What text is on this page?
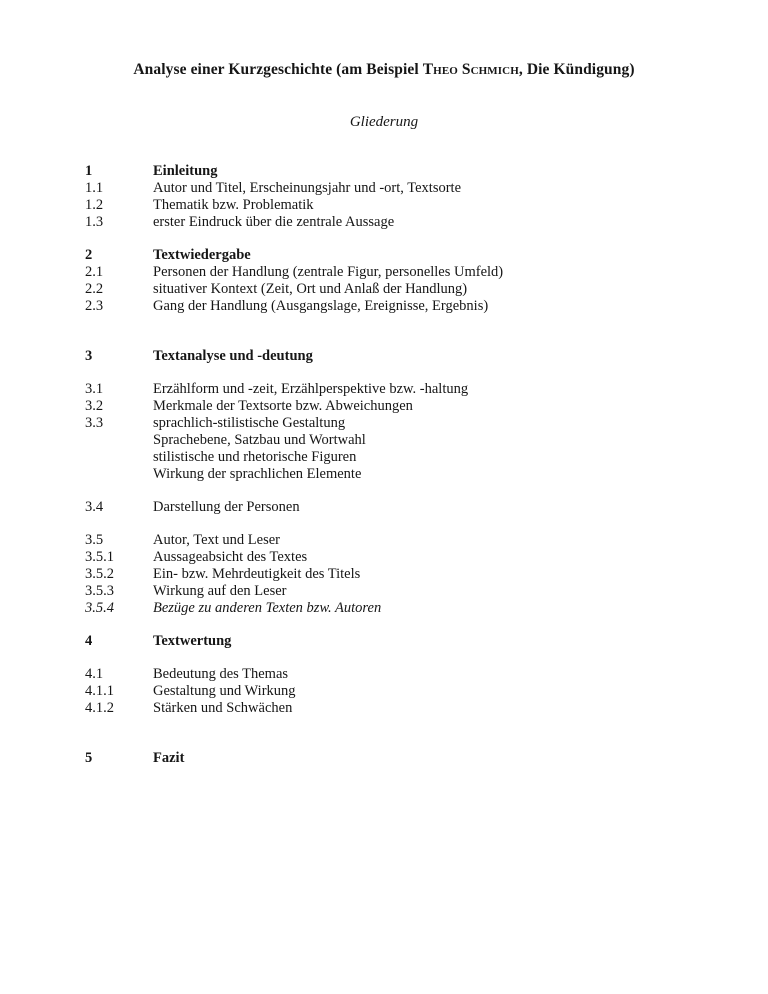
Analyse einer Kurzgeschichte (am Beispiel Theo Schmich, Die Kündigung)
Gliederung
1	Einleitung
1.1	Autor und Titel, Erscheinungsjahr und -ort, Textsorte
1.2	Thematik bzw. Problematik
1.3	erster Eindruck über die zentrale Aussage
2	Textwiedergabe
2.1	Personen der Handlung (zentrale Figur, personelles Umfeld)
2.2	situativer Kontext (Zeit, Ort und Anlaß der Handlung)
2.3	Gang der Handlung (Ausgangslage, Ereignisse, Ergebnis)
3	Textanalyse und -deutung
3.1	Erzählform und -zeit, Erzählperspektive bzw. -haltung
3.2	Merkmale der Textsorte bzw. Abweichungen
3.3	sprachlich-stilistische Gestaltung
Sprachebene, Satzbau und Wortwahl
stilistische und rhetorische Figuren
Wirkung der sprachlichen Elemente
3.4	Darstellung der Personen
3.5	Autor, Text und Leser
3.5.1	Aussageabsicht des Textes
3.5.2	Ein- bzw. Mehrdeutigkeit des Titels
3.5.3	Wirkung auf den Leser
3.5.4	Bezüge zu anderen Texten bzw. Autoren
4	Textwertung
4.1	Bedeutung des Themas
4.1.1	Gestaltung und Wirkung
4.1.2	Stärken und Schwächen
5	Fazit
